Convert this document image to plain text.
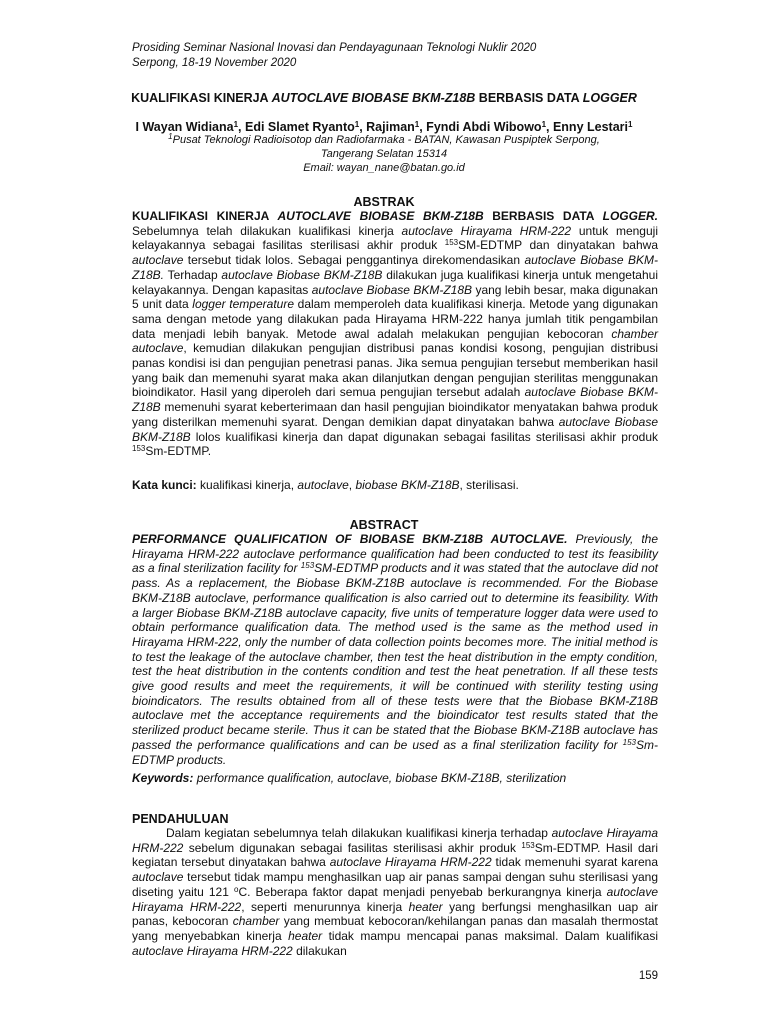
Prosiding Seminar Nasional Inovasi dan Pendayagunaan Teknologi Nuklir 2020
Serpong, 18-19 November 2020
KUALIFIKASI KINERJA AUTOCLAVE BIOBASE BKM-Z18B BERBASIS DATA LOGGER
I Wayan Widiana$^1$, Edi Slamet Ryanto$^1$, Rajiman$^1$, Fyndi Abdi Wibowo$^1$, Enny Lestari$^1$
$^1$Pusat Teknologi Radioisotop dan Radiofarmaka - BATAN, Kawasan Puspiptek Serpong,
Tangerang Selatan 15314
Email: wayan_nane@batan.go.id
ABSTRAK

KUALIFIKASI KINERJA AUTOCLAVE BIOBASE BKM-Z18B BERBASIS DATA LOGGER. Sebelumnya telah dilakukan kualifikasi kinerja autoclave Hirayama HRM-222 untuk menguji kelayakannya sebagai fasilitas sterilisasi akhir produk $^{153}$SM-EDTMP dan dinyatakan bahwa autoclave tersebut tidak lolos. Sebagai penggantinya direkomendasikan autoclave Biobase BKM-Z18B. Terhadap autoclave Biobase BKM-Z18B dilakukan juga kualifikasi kinerja untuk mengetahui kelayakannya. Dengan kapasitas autoclave Biobase BKM-Z18B yang lebih besar, maka digunakan 5 unit data logger temperature dalam memperoleh data kualifikasi kinerja. Metode yang digunakan sama dengan metode yang dilakukan pada Hirayama HRM-222 hanya jumlah titik pengambilan data menjadi lebih banyak. Metode awal adalah melakukan pengujian kebocoran chamber autoclave, kemudian dilakukan pengujian distribusi panas kondisi kosong, pengujian distribusi panas kondisi isi dan pengujian penetrasi panas. Jika semua pengujian tersebut memberikan hasil yang baik dan memenuhi syarat maka akan dilanjutkan dengan pengujian sterilitas menggunakan bioindikator. Hasil yang diperoleh dari semua pengujian tersebut adalah autoclave Biobase BKM-Z18B memenuhi syarat keberterimaan dan hasil pengujian bioindikator menyatakan bahwa produk yang disterilkan memenuhi syarat. Dengan demikian dapat dinyatakan bahwa autoclave Biobase BKM-Z18B lolos kualifikasi kinerja dan dapat digunakan sebagai fasilitas sterilisasi akhir produk $^{153}$Sm-EDTMP.

Kata kunci: kualifikasi kinerja, autoclave, biobase BKM-Z18B, sterilisasi.
ABSTRACT

PERFORMANCE QUALIFICATION OF BIOBASE BKM-Z18B AUTOCLAVE. Previously, the Hirayama HRM-222 autoclave performance qualification had been conducted to test its feasibility as a final sterilization facility for $^{153}$SM-EDTMP products and it was stated that the autoclave did not pass. As a replacement, the Biobase BKM-Z18B autoclave is recommended. For the Biobase BKM-Z18B autoclave, performance qualification is also carried out to determine its feasibility. With a larger Biobase BKM-Z18B autoclave capacity, five units of temperature logger data were used to obtain performance qualification data. The method used is the same as the method used in Hirayama HRM-222, only the number of data collection points becomes more. The initial method is to test the leakage of the autoclave chamber, then test the heat distribution in the empty condition, test the heat distribution in the contents condition and test the heat penetration. If all these tests give good results and meet the requirements, it will be continued with sterility testing using bioindicators. The results obtained from all of these tests were that the Biobase BKM-Z18B autoclave met the acceptance requirements and the bioindicator test results stated that the sterilized product became sterile. Thus it can be stated that the Biobase BKM-Z18B autoclave has passed the performance qualifications and can be used as a final sterilization facility for $^{153}$Sm-EDTMP products.

Keywords: performance qualification, autoclave, biobase BKM-Z18B, sterilization
PENDAHULUAN

Dalam kegiatan sebelumnya telah dilakukan kualifikasi kinerja terhadap autoclave Hirayama HRM-222 sebelum digunakan sebagai fasilitas sterilisasi akhir produk $^{153}$Sm-EDTMP. Hasil dari kegiatan tersebut dinyatakan bahwa autoclave Hirayama HRM-222 tidak memenuhi syarat karena autoclave tersebut tidak mampu menghasilkan uap air panas sampai dengan suhu sterilisasi yang diseting yaitu 121 $^o$C. Beberapa faktor dapat menjadi penyebab berkurangnya kinerja autoclave Hirayama HRM-222, seperti menurunnya kinerja heater yang berfungsi menghasilkan uap air panas, kebocoran chamber yang membuat kebocoran/kehilangan panas dan masalah thermostat yang menyebabkan kinerja heater tidak mampu mencapai panas maksimal. Dalam kualifikasi autoclave Hirayama HRM-222 dilakukan

159
